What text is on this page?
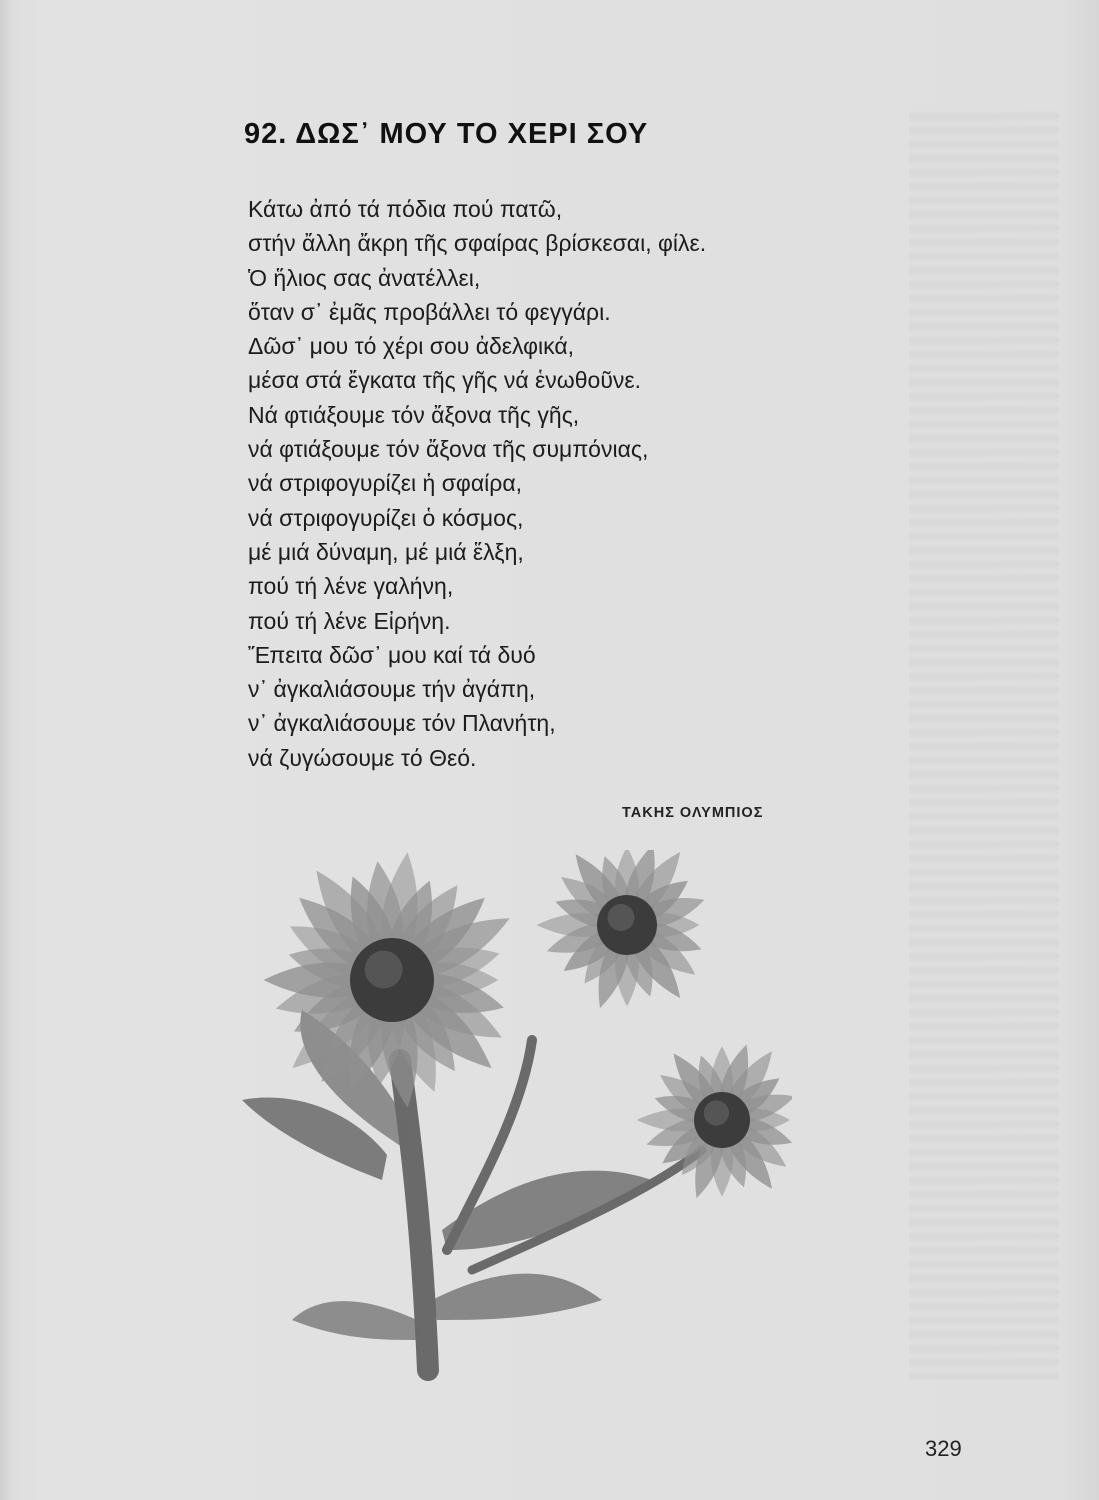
92. ΔΩΣ᾽ ΜΟΥ ΤΟ ΧΕΡΙ ΣΟΥ
Κάτω ἀπό τά πόδια πού πατῶ,
στήν ἄλλη ἄκρη τῆς σφαίρας βρίσκεσαι, φίλε.
Ὁ ἥλιος σας ἀνατέλλει,
ὅταν σ᾽ ἐμᾶς προβάλλει τό φεγγάρι.
Δῶσ᾽ μου τό χέρι σου ἀδελφικά,
μέσα στά ἔγκατα τῆς γῆς νά ἑνωθοῦνε.
Νά φτιάξουμε τόν ἄξονα τῆς γῆς,
νά φτιάξουμε τόν ἄξονα τῆς συμπόνιας,
νά στριφογυρίζει ἡ σφαίρα,
νά στριφογυρίζει ὁ κόσμος,
μέ μιά δύναμη, μέ μιά ἕλξη,
πού τή λένε γαλήνη,
πού τή λένε Εἰρήνη.
Ἔπειτα δῶσ᾽ μου καί τά δυό
ν᾽ ἀγκαλιάσουμε τήν ἀγάπη,
ν᾽ ἀγκαλιάσουμε τόν Πλανήτη,
νά ζυγώσουμε τό Θεό.
ΤΑΚΗΣ ΟΛΥΜΠΙΟΣ
329
